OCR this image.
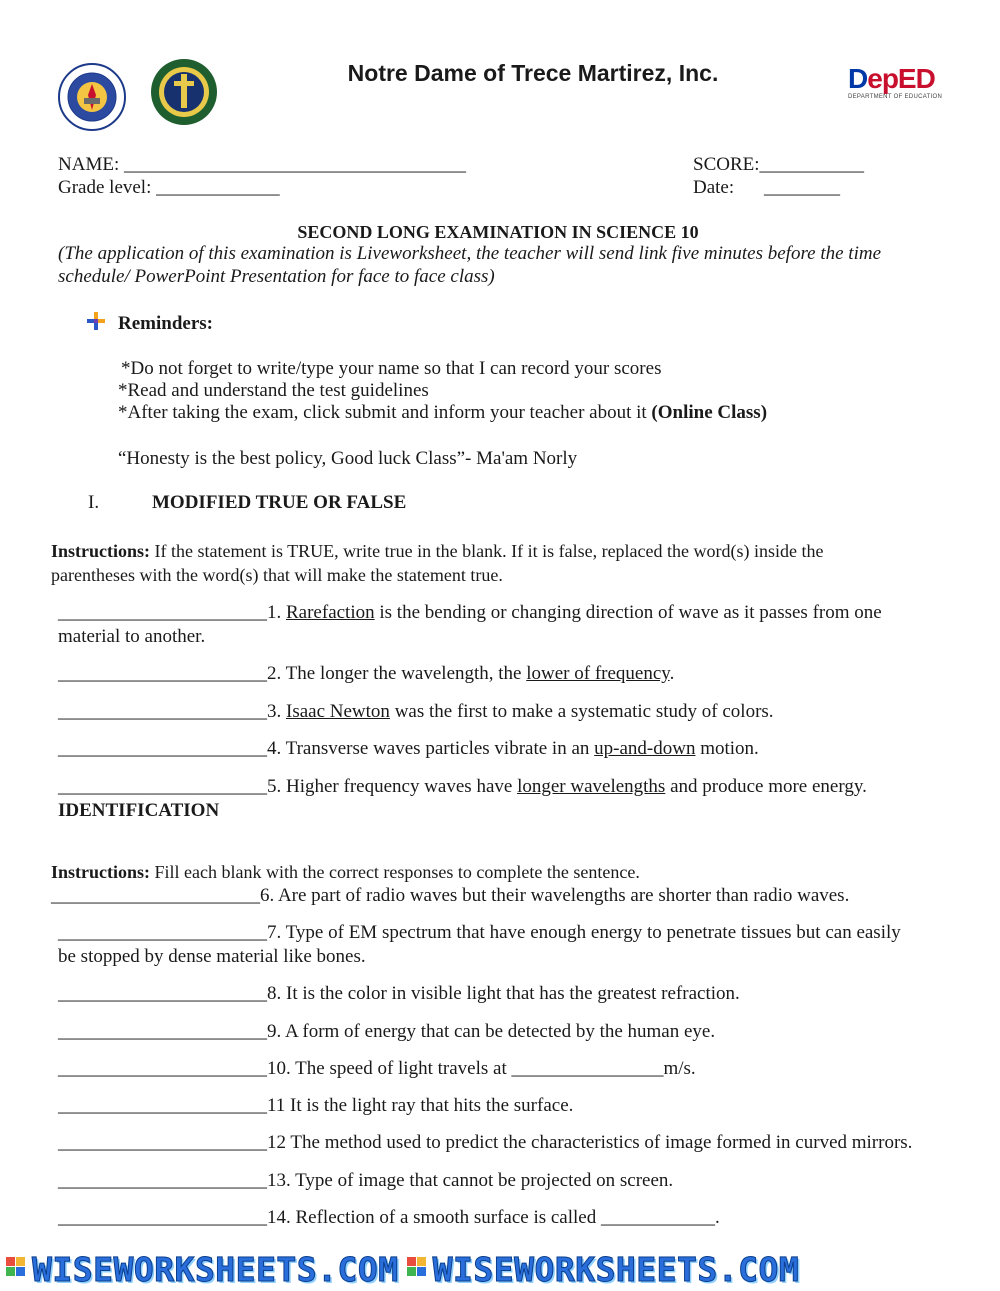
Notre Dame of Trece Martirez, Inc.	DepED
DEPARTMENT OF EDUCATION
NAME: ____________________________________
Grade level: _____________
SCORE:___________
Date: ________
SECOND LONG EXAMINATION IN SCIENCE 10
(The application of this examination is Liveworksheet, the teacher will send link five minutes before the time
schedule/ PowerPoint Presentation for face to face class)
Reminders:
*Do not forget to write/type your name so that I can record your scores
*Read and understand the test guidelines
*After taking the exam, click submit and inform your teacher about it (Online Class)
“Honesty is the best policy, Good luck Class”- Ma'am Norly
I.	MODIFIED TRUE OR FALSE
Instructions: If the statement is TRUE, write true in the blank. If it is false, replaced the word(s) inside the
parentheses with the word(s) that will make the statement true.
______________________1. Rarefaction is the bending or changing direction of wave as it passes from one
material to another.
______________________2. The longer the wavelength, the lower of frequency.
______________________3. Isaac Newton was the first to make a systematic study of colors.
______________________4. Transverse waves particles vibrate in an up-and-down motion.
______________________5. Higher frequency waves have longer wavelengths and produce more energy.
IDENTIFICATION
Instructions: Fill each blank with the correct responses to complete the sentence.
______________________6. Are part of radio waves but their wavelengths are shorter than radio waves.
______________________7. Type of EM spectrum that have enough energy to penetrate tissues but can easily
be stopped by dense material like bones.
______________________8. It is the color in visible light that has the greatest refraction.
______________________9. A form of energy that can be detected by the human eye.
______________________10. The speed of light travels at ________________m/s.
______________________11 It is the light ray that hits the surface.
______________________12 The method used to predict the characteristics of image formed in curved mirrors.
______________________13. Type of image that cannot be projected on screen.
______________________14. Reflection of a smooth surface is called ____________.
WISEWORKSHEETS.COM WISEWORKSHEETS.COM
